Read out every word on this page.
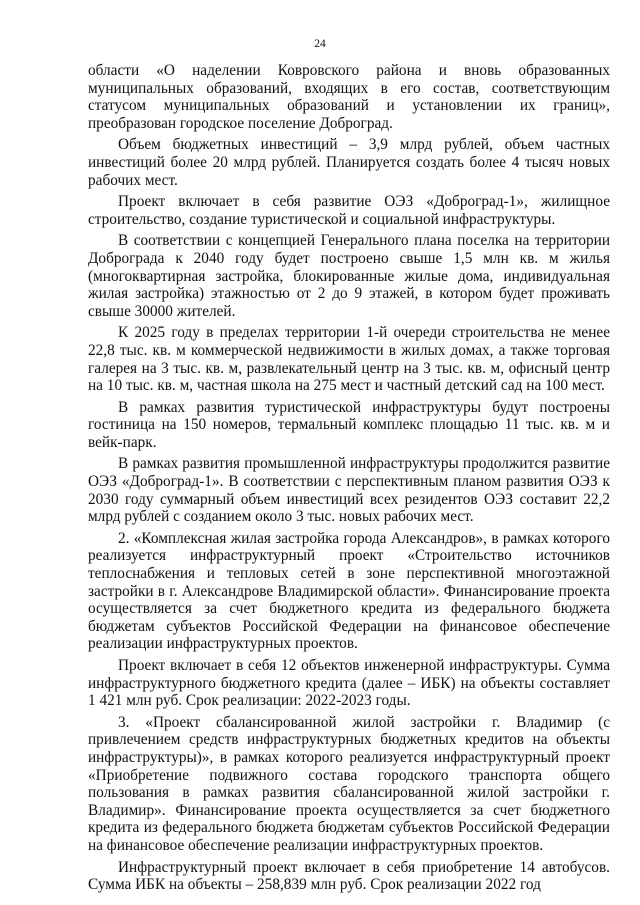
24

области «О наделении Ковровского района и вновь образованных муниципальных образований, входящих в его состав, соответствующим статусом муниципальных образований и установлении их границ», преобразован городское поселение Доброград.

Объем бюджетных инвестиций – 3,9 млрд рублей, объем частных инвестиций более 20 млрд рублей. Планируется создать более 4 тысяч новых рабочих мест.

Проект включает в себя развитие ОЭЗ «Доброград-1», жилищное строительство, создание туристической и социальной инфраструктуры.

В соответствии с концепцией Генерального плана поселка на территории Доброграда к 2040 году будет построено свыше 1,5 млн кв. м жилья (многоквартирная застройка, блокированные жилые дома, индивидуальная жилая застройка) этажностью от 2 до 9 этажей, в котором будет проживать свыше 30000 жителей.

К 2025 году в пределах территории 1-й очереди строительства не менее 22,8 тыс. кв. м коммерческой недвижимости в жилых домах, а также торговая галерея на 3 тыс. кв. м, развлекательный центр на 3 тыс. кв. м, офисный центр на 10 тыс. кв. м, частная школа на 275 мест и частный детский сад на 100 мест.

В рамках развития туристической инфраструктуры будут построены гостиница на 150 номеров, термальный комплекс площадью 11 тыс. кв. м и вейк-парк.

В рамках развития промышленной инфраструктуры продолжится развитие ОЭЗ «Доброград-1». В соответствии с перспективным планом развития ОЭЗ к 2030 году суммарный объем инвестиций всех резидентов ОЭЗ составит 22,2 млрд рублей с созданием около 3 тыс. новых рабочих мест.

2. «Комплексная жилая застройка города Александров», в рамках которого реализуется инфраструктурный проект «Строительство источников теплоснабжения и тепловых сетей в зоне перспективной многоэтажной застройки в г. Александрове Владимирской области». Финансирование проекта осуществляется за счет бюджетного кредита из федерального бюджета бюджетам субъектов Российской Федерации на финансовое обеспечение реализации инфраструктурных проектов.

Проект включает в себя 12 объектов инженерной инфраструктуры. Сумма инфраструктурного бюджетного кредита (далее – ИБК) на объекты составляет 1 421 млн руб. Срок реализации: 2022-2023 годы.

3. «Проект сбалансированной жилой застройки г. Владимир (с привлечением средств инфраструктурных бюджетных кредитов на объекты инфраструктуры)», в рамках которого реализуется инфраструктурный проект «Приобретение подвижного состава городского транспорта общего пользования в рамках развития сбалансированной жилой застройки г. Владимир». Финансирование проекта осуществляется за счет бюджетного кредита из федерального бюджета бюджетам субъектов Российской Федерации на финансовое обеспечение реализации инфраструктурных проектов.

Инфраструктурный проект включает в себя приобретение 14 автобусов. Сумма ИБК на объекты – 258,839 млн руб. Срок реализации 2022 год
